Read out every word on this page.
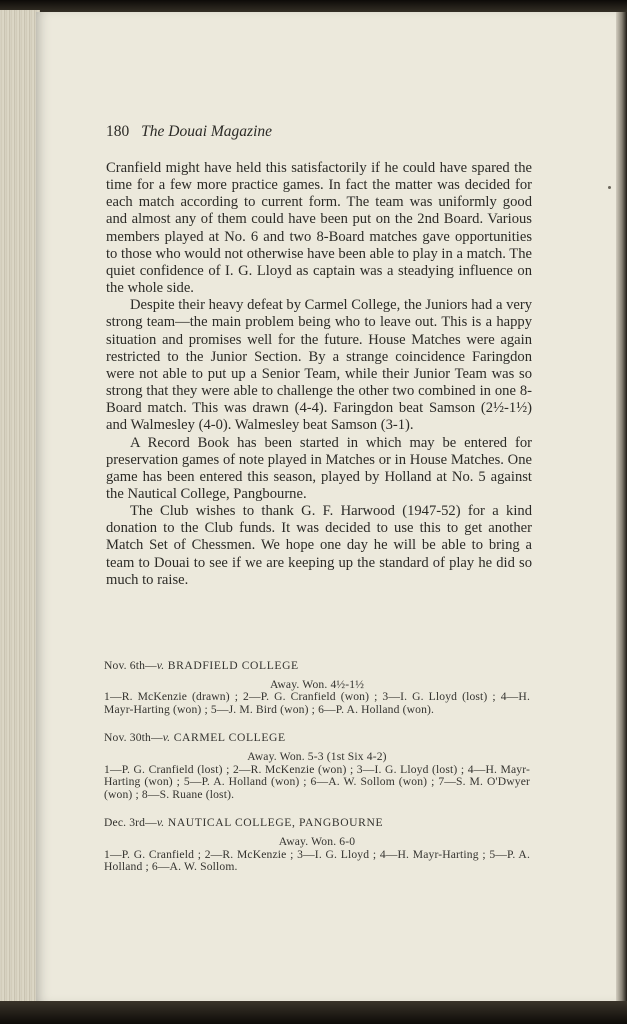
180 The Douai Magazine

Cranfield might have held this satisfactorily if he could have spared the time for a few more practice games. In fact the matter was decided for each match according to current form. The team was uniformly good and almost any of them could have been put on the 2nd Board. Various members played at No. 6 and two 8-Board matches gave opportunities to those who would not otherwise have been able to play in a match. The quiet confidence of I. G. Lloyd as captain was a steadying influence on the whole side.

Despite their heavy defeat by Carmel College, the Juniors had a very strong team—the main problem being who to leave out. This is a happy situation and promises well for the future. House Matches were again restricted to the Junior Section. By a strange coincidence Faringdon were not able to put up a Senior Team, while their Junior Team was so strong that they were able to challenge the other two combined in one 8-Board match. This was drawn (4-4). Faringdon beat Samson (2½-1½) and Walmesley (4-0). Walmesley beat Samson (3-1).

A Record Book has been started in which may be entered for preservation games of note played in Matches or in House Matches. One game has been entered this season, played by Holland at No. 5 against the Nautical College, Pangbourne.

The Club wishes to thank G. F. Harwood (1947-52) for a kind donation to the Club funds. It was decided to use this to get another Match Set of Chessmen. We hope one day he will be able to bring a team to Douai to see if we are keeping up the standard of play he did so much to raise.

Nov. 6th—v. BRADFIELD COLLEGE
Away. Won. 4½-1½
1—R. McKenzie (drawn) ; 2—P. G. Cranfield (won) ; 3—I. G. Lloyd (lost) ; 4—H. Mayr-Harting (won) ; 5—J. M. Bird (won) ; 6—P. A. Holland (won).
Nov. 30th—v. CARMEL COLLEGE
Away. Won. 5-3 (1st Six 4-2)
1—P. G. Cranfield (lost) ; 2—R. McKenzie (won) ; 3—I. G. Lloyd (lost) ; 4—H. Mayr-Harting (won) ; 5—P. A. Holland (won) ; 6—A. W. Sollom (won) ; 7—S. M. O'Dwyer (won) ; 8—S. Ruane (lost).
Dec. 3rd—v. NAUTICAL COLLEGE, PANGBOURNE
Away. Won. 6-0
1—P. G. Cranfield ; 2—R. McKenzie ; 3—I. G. Lloyd ; 4—H. Mayr-Harting ; 5—P. A. Holland ; 6—A. W. Sollom.
